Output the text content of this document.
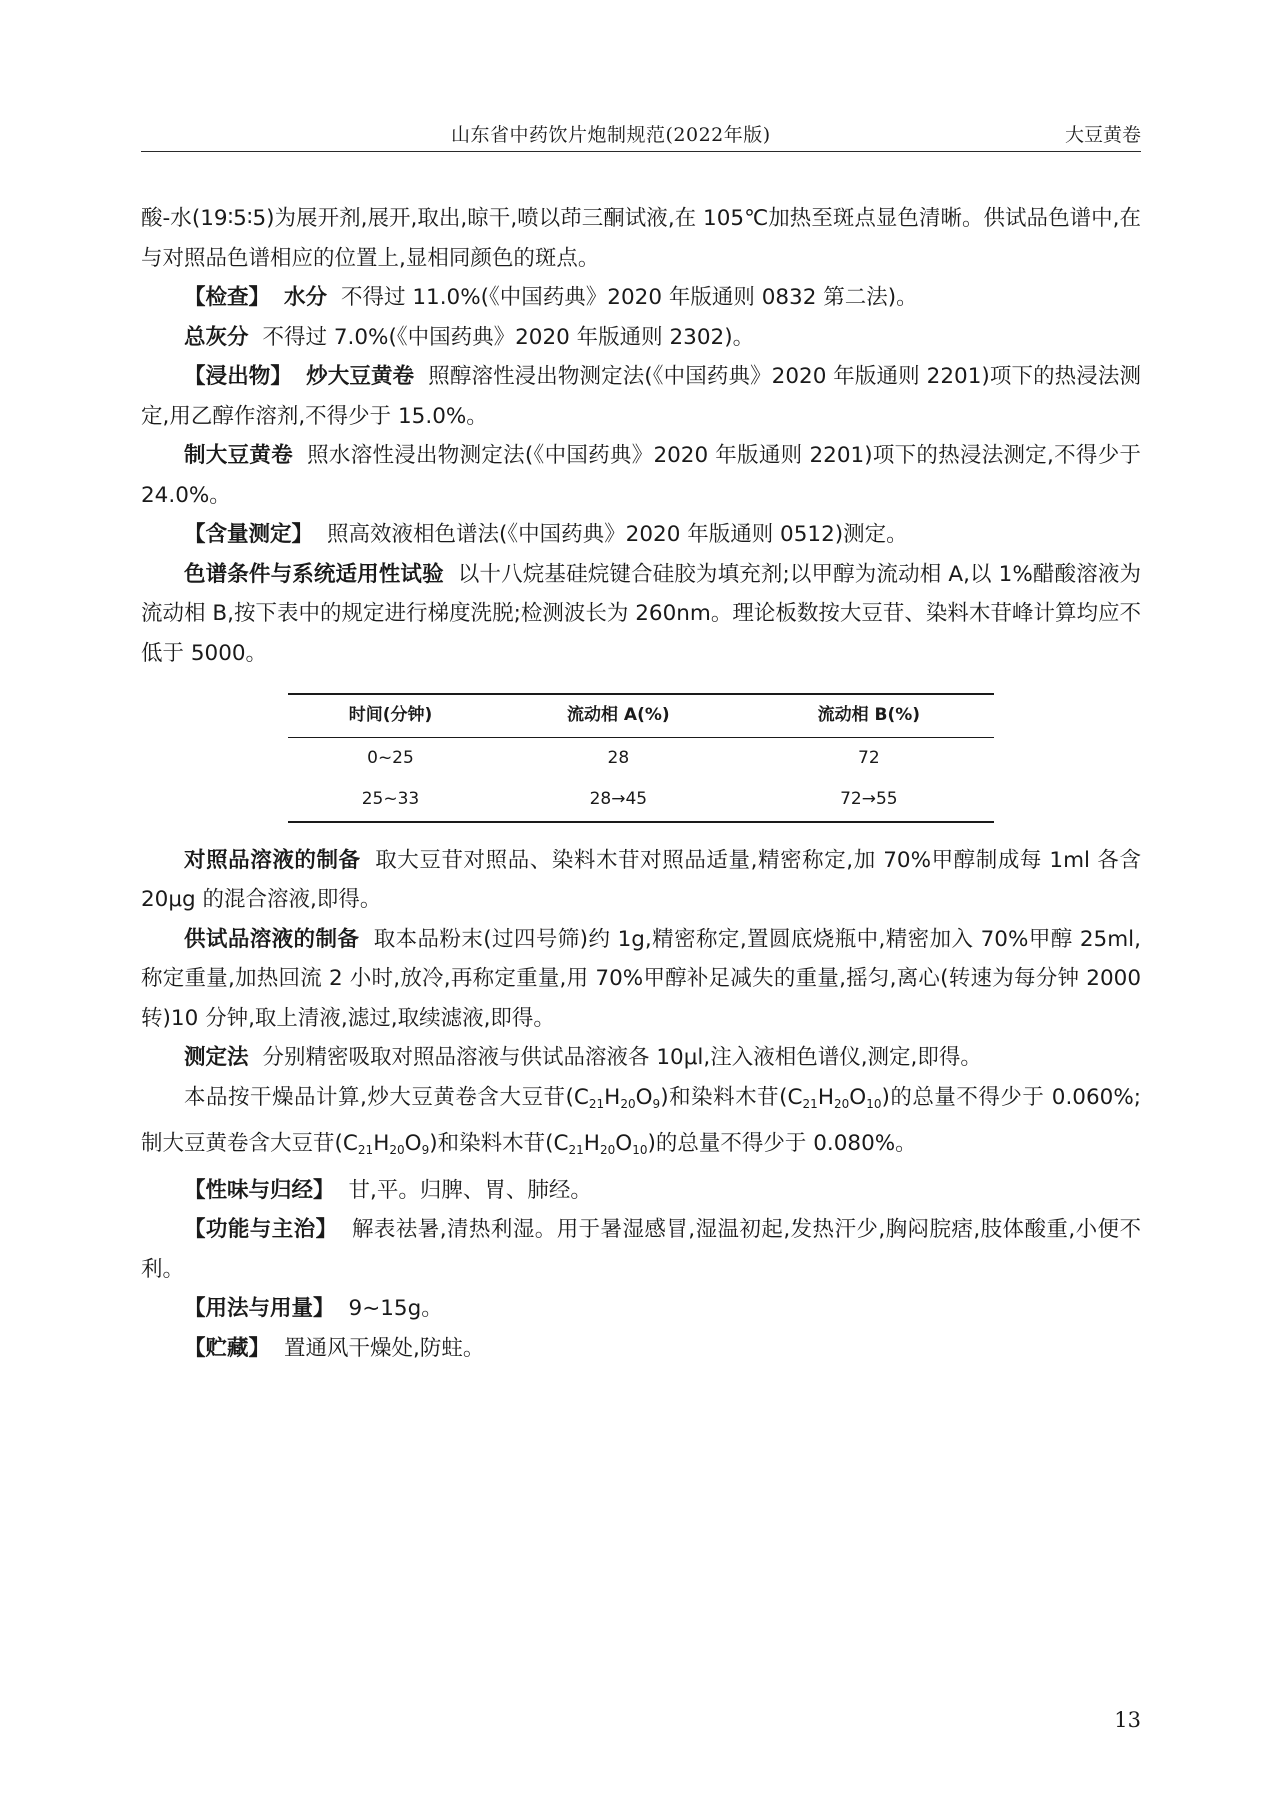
山东省中药饮片炮制规范(2022年版)	大豆黄卷

酸-水(19∶5∶5)为展开剂,展开,取出,晾干,喷以茚三酮试液,在 105℃加热至斑点显色清晰。供试品色谱中,在与对照品色谱相应的位置上,显相同颜色的斑点。

【检查】 水分 不得过 11.0%(《中国药典》2020 年版通则 0832 第二法)。

总灰分 不得过 7.0%(《中国药典》2020 年版通则 2302)。

【浸出物】 炒大豆黄卷 照醇溶性浸出物测定法(《中国药典》2020 年版通则 2201)项下的热浸法测定,用乙醇作溶剂,不得少于 15.0%。

制大豆黄卷 照水溶性浸出物测定法(《中国药典》2020 年版通则 2201)项下的热浸法测定,不得少于 24.0%。

【含量测定】 照高效液相色谱法(《中国药典》2020 年版通则 0512)测定。

色谱条件与系统适用性试验 以十八烷基硅烷键合硅胶为填充剂;以甲醇为流动相 A,以 1%醋酸溶液为流动相 B,按下表中的规定进行梯度洗脱;检测波长为 260nm。理论板数按大豆苷、染料木苷峰计算均应不低于 5000。

时间(分钟)	流动相 A(%)	流动相 B(%)
0~25	28	72
25~33	28→45	72→55

对照品溶液的制备 取大豆苷对照品、染料木苷对照品适量,精密称定,加 70%甲醇制成每 1ml 各含 20μg 的混合溶液,即得。

供试品溶液的制备 取本品粉末(过四号筛)约 1g,精密称定,置圆底烧瓶中,精密加入 70%甲醇 25ml,称定重量,加热回流 2 小时,放冷,再称定重量,用 70%甲醇补足减失的重量,摇匀,离心(转速为每分钟 2000 转)10 分钟,取上清液,滤过,取续滤液,即得。

测定法 分别精密吸取对照品溶液与供试品溶液各 10μl,注入液相色谱仪,测定,即得。

本品按干燥品计算,炒大豆黄卷含大豆苷$(C_{21}H_{20}O_9)$和染料木苷$(C_{21}H_{20}O_{10})$的总量不得少于 0.060%;制大豆黄卷含大豆苷$(C_{21}H_{20}O_9)$和染料木苷$(C_{21}H_{20}O_{10})$的总量不得少于 0.080%。

【性味与归经】 甘,平。归脾、胃、肺经。

【功能与主治】 解表祛暑,清热利湿。用于暑湿感冒,湿温初起,发热汗少,胸闷脘痞,肢体酸重,小便不利。

【用法与用量】 9~15g。

【贮藏】 置通风干燥处,防蛀。

13
